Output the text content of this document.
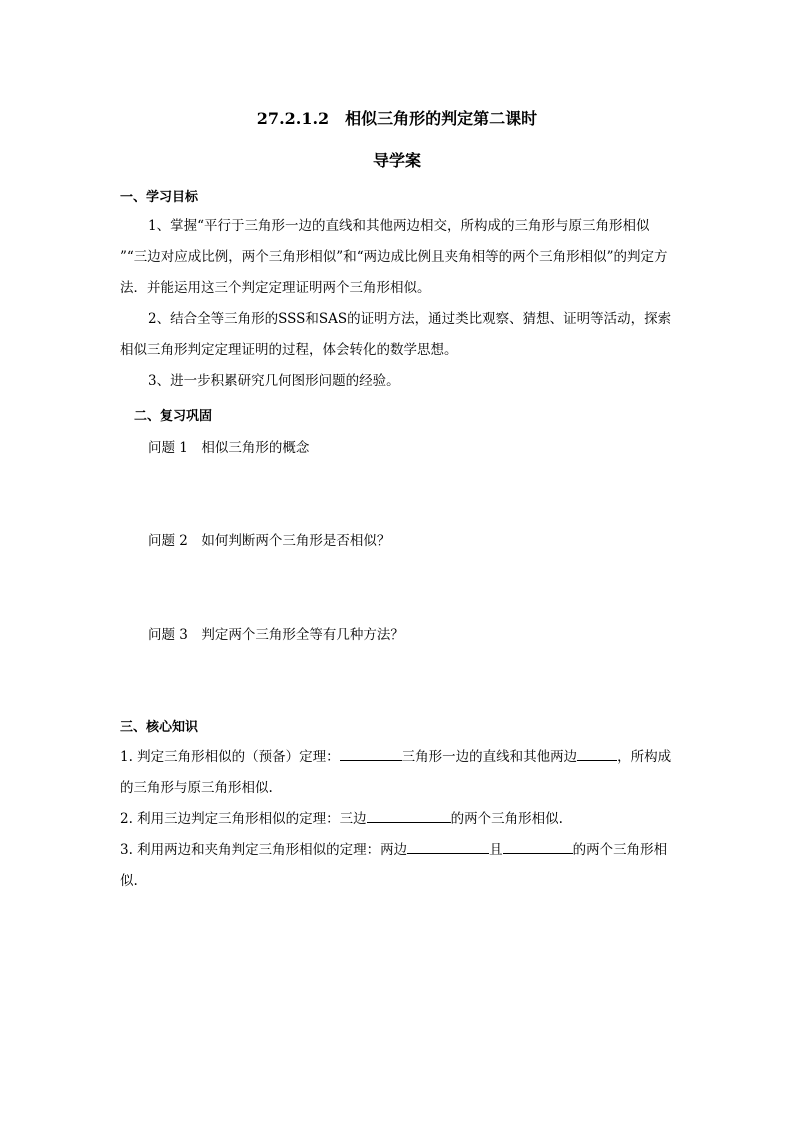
27.2.1.2　相似三角形的判定第二课时
导学案
一、学习目标
1、掌握“平行于三角形一边的直线和其他两边相交，所构成的三角形与原三角形相似 ”“三边对应成比例，两个三角形相似”和“两边成比例且夹角相等的两个三角形相似”的判定方法．并能运用这三个判定定理证明两个三角形相似。
2、结合全等三角形的SSS和SAS的证明方法，通过类比观察、猜想、证明等活动，探索相似三角形判定定理证明的过程，体会转化的数学思想。
3、进一步积累研究几何图形问题的经验。
二、复习巩固
问题 1　相似三角形的概念
问题 2　如何判断两个三角形是否相似？
问题 3　判定两个三角形全等有几种方法？
三、核心知识
1. 判定三角形相似的（预备）定理：	三角形一边的直线和其他两边	，所构成的三角形与原三角形相似.
2. 利用三边判定三角形相似的定理：三边	的两个三角形相似.
3. 利用两边和夹角判定三角形相似的定理：两边	且	的两个三角形相似.
